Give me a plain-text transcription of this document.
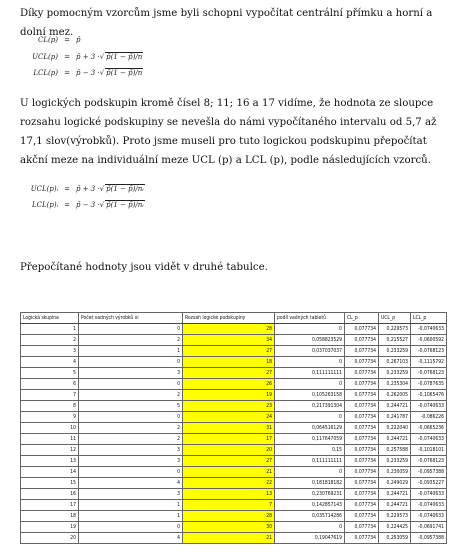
Díky pomocným vzorcům jsme byli schopni vypočítat centrální přímku a horní a dolní mez.
CL(p) = p̄
UCL(p) = p̄ + 3 ·√ p̄(1 − p̄)/n
LCL(p) = p̄ − 3 ·√ p̄(1 − p̄)/n
U logických podskupin kromě čísel 8; 11; 16 a 17 vidíme, že hodnota ze sloupce rozsahu logické podskupiny se nevešla do námi vypočítaného intervalu od 5,7 až 17,1 slov(výrobků). Proto jsme museli pro tuto logickou podskupinu přepočítat akční meze na individuální meze UCL (p) a LCL (p), podle následujících vzorců.
UCL(p)ᵢ = p̄ + 3 ·√ p̄(1 − p̄)/nᵢ
LCL(p)ᵢ = p̄ − 3 ·√ p̄(1 − p̄)/nᵢ
Přepočítané hodnoty jsou vidět v druhé tabulce.
Logická skupina	Počet vadných výrobků xi	Rozsah logické podskupiny	podíl vadných tabletů	CL_p	UCL_p	LCL_p
1	0	28	0	0,077734	0,229573	-0,0740633
2	2	34	0,058823529	0,077734	0,215527	-0,0600592
3	1	27	0,037037037	0,077734	0,233259	-0,0768123
4	0	18	0	0,077734	0,267103	-0,1115792
5	3	27	0,111111111	0,077734	0,233259	-0,0768123
6	0	26	0	0,077734	0,235304	-0,0787635
7	2	19	0,105263158	0,077734	0,262005	-0,1065476
8	5	23	0,217391304	0,077734	0,244721	-0,0740633
9	0	24	0	0,077734	0,241787	-0,086226
10	2	31	0,064516129	0,077734	0,222040	-0,0665236
11	2	17	0,117647059	0,077734	0,244721	-0,0740633
12	3	20	0,15	0,077734	0,257588	-0,1018101
13	3	27	0,111111111	0,077734	0,233259	-0,0768123
14	0	21	0	0,077734	0,230059	-0,0957388
15	4	22	0,181818182	0,077734	0,249029	-0,0935227
16	3	13	0,230769231	0,077734	0,244721	-0,0740633
17	1	7	0,142857143	0,077734	0,244721	-0,0740633
18	1	28	0,035714286	0,077734	0,229573	-0,0740633
19	0	30	0	0,077734	0,224425	-0,0691741
20	4	21	0,19047619	0,077734	0,253059	-0,0957388
